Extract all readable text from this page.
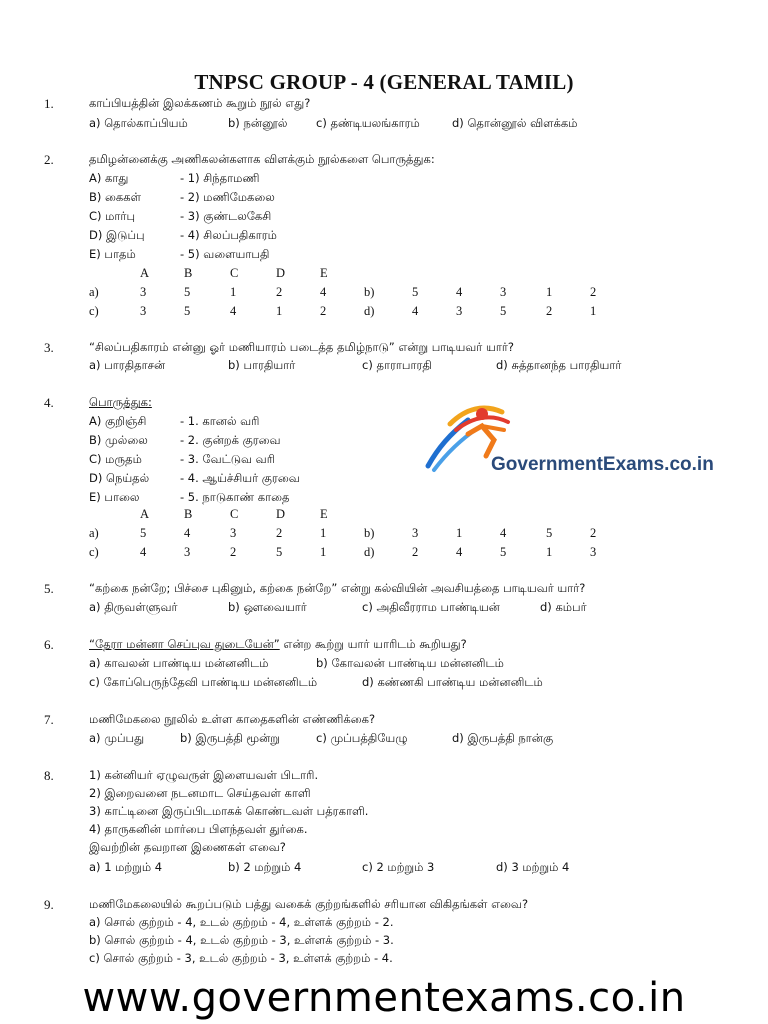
TNPSC GROUP - 4 (GENERAL TAMIL)
1.	காப்பியத்தின் இலக்கணம் கூறும் நூல் எது?
a) தொல்காப்பியம்	b) நன்னூல் c) தண்டியலங்காரம்	d) தொன்னூல் விளக்கம்
2.	தமிழன்னைக்கு அணிகலன்களாக விளக்கும் நூல்களை பொருத்துக:
A) காது	- 1) சிந்தாமணி
B) கைகள்	- 2) மணிமேகலை
C) மார்பு	- 3) குண்டலகேசி
D) இடுப்பு	- 4) சிலப்பதிகாரம்
E) பாதம்	- 5) வளையாபதி
A	B	C	D	E
a)	3	5	1	2	4	b)	5	4	3	1	2
c)	3	5	4	1	2	d)	4	3	5	2	1
3.	“சிலப்பதிகாரம் என்னு ஓர் மணியாரம் படைத்த தமிழ்நாடு” என்று பாடியவர் யார்?
a) பாரதிதாசன்	b) பாரதியார்	c) தாராபாரதி	d) சுத்தானந்த பாரதியார்
4.	பொருத்துக:
A) குறிஞ்சி	- 1. கானல் வரி
B) முல்லை	- 2. குன்றக் குரவை
C) மருதம்	- 3. வேட்டுவ வரி
D) நெய்தல்	- 4. ஆய்ச்சியர் குரவை
E) பாலை	- 5. நாடுகாண் காதை
A	B	C	D	E
a)	5	4	3	2	1	b)	3	1	4	5	2
c)	4	3	2	5	1	d)	2	4	5	1	3
GovernmentExams.co.in
5.	“கற்கை நன்றே; பிச்சை புகினும், கற்கை நன்றே” என்று கல்வியின் அவசியத்தை பாடியவர் யார்?
a) திருவள்ளுவர்	b) ஔவையார்	c) அதிவீரராம பாண்டியன்	d) கம்பர்
6.	“தேரா மன்னா செப்புவ துடையேன்” என்ற கூற்று யார் யாரிடம் கூறியது?
a) காவலன் பாண்டிய மன்னனிடம்	b) கோவலன் பாண்டிய மன்னனிடம்
c) கோப்பெருந்தேவி பாண்டிய மன்னனிடம்	d) கண்ணகி பாண்டிய மன்னனிடம்
7.	மணிமேகலை நூலில் உள்ள காதைகளின் எண்ணிக்கை?
a) முப்பது	b) இருபத்தி மூன்று	c) முப்பத்தியேழு	d) இருபத்தி நான்கு
8.	1) கன்னியர் ஏழுவருள் இளையவள் பிடாரி.
2) இறைவனை நடனமாட செய்தவள் காளி
3) காட்டினை இருப்பிடமாகக் கொண்டவள் பத்ரகாளி.
4) தாருகனின் மார்பை பிளந்தவள் துர்கை.
இவற்றின் தவறான இணைகள் எவை?
a) 1 மற்றும் 4	b) 2 மற்றும் 4	c) 2 மற்றும் 3	d) 3 மற்றும் 4
9.	மணிமேகலையில் கூறப்படும் பத்து வகைக் குற்றங்களில் சரியான விகிதங்கள் எவை?
a) சொல் குற்றம் - 4, உடல் குற்றம் - 4, உள்ளக் குற்றம் - 2.
b) சொல் குற்றம் - 4, உடல் குற்றம் - 3, உள்ளக் குற்றம் - 3.
c) சொல் குற்றம் - 3, உடல் குற்றம் - 3, உள்ளக் குற்றம் - 4.
www.governmentexams.co.in
